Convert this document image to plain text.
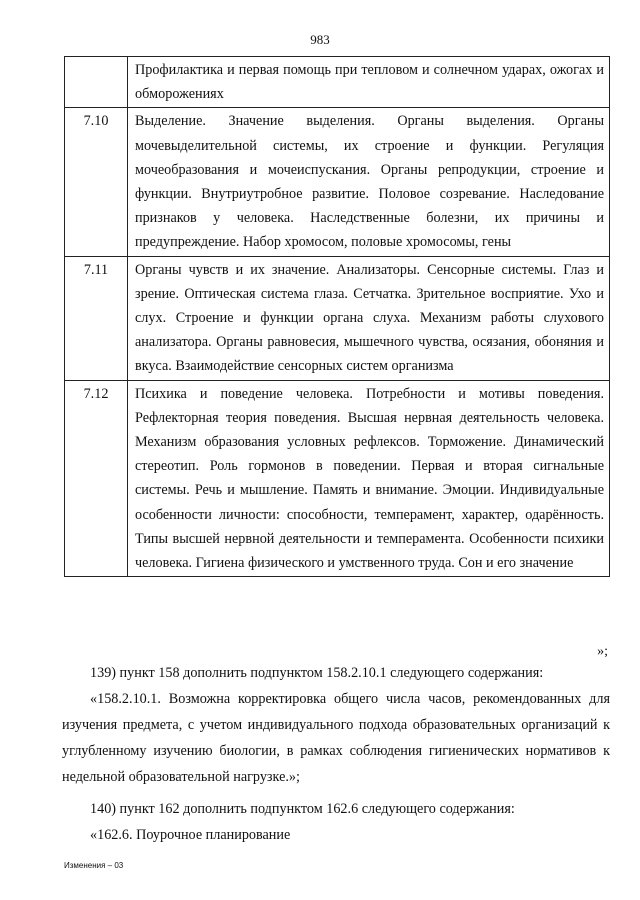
983
	Профилактика и первая помощь при тепловом и солнечном ударах, ожогах и обморожениях
7.10	Выделение. Значение выделения. Органы выделения. Органы мочевыделительной системы, их строение и функции. Регуляция мочеобразования и мочеиспускания. Органы репродукции, строение и функции. Внутриутробное развитие. Половое созревание. Наследование признаков у человека. Наследственные болезни, их причины и предупреждение. Набор хромосом, половые хромосомы, гены
7.11	Органы чувств и их значение. Анализаторы. Сенсорные системы. Глаз и зрение. Оптическая система глаза. Сетчатка. Зрительное восприятие. Ухо и слух. Строение и функции органа слуха. Механизм работы слухового анализатора. Органы равновесия, мышечного чувства, осязания, обоняния и вкуса. Взаимодействие сенсорных систем организма
7.12	Психика и поведение человека. Потребности и мотивы поведения. Рефлекторная теория поведения. Высшая нервная деятельность человека. Механизм образования условных рефлексов. Торможение. Динамический стереотип. Роль гормонов в поведении. Первая и вторая сигнальные системы. Речь и мышление. Память и внимание. Эмоции. Индивидуальные особенности личности: способности, темперамент, характер, одарённость. Типы высшей нервной деятельности и темперамента. Особенности психики человека. Гигиена физического и умственного труда. Сон и его значение
»;

139) пункт 158 дополнить подпунктом 158.2.10.1 следующего содержания:

«158.2.10.1. Возможна корректировка общего числа часов, рекомендованных для изучения предмета, с учетом индивидуального подхода образовательных организаций к углубленному изучению биологии, в рамках соблюдения гигиенических нормативов к недельной образовательной нагрузке.»;

140) пункт 162 дополнить подпунктом 162.6 следующего содержания:

«162.6. Поурочное планирование

Изменения – 03
